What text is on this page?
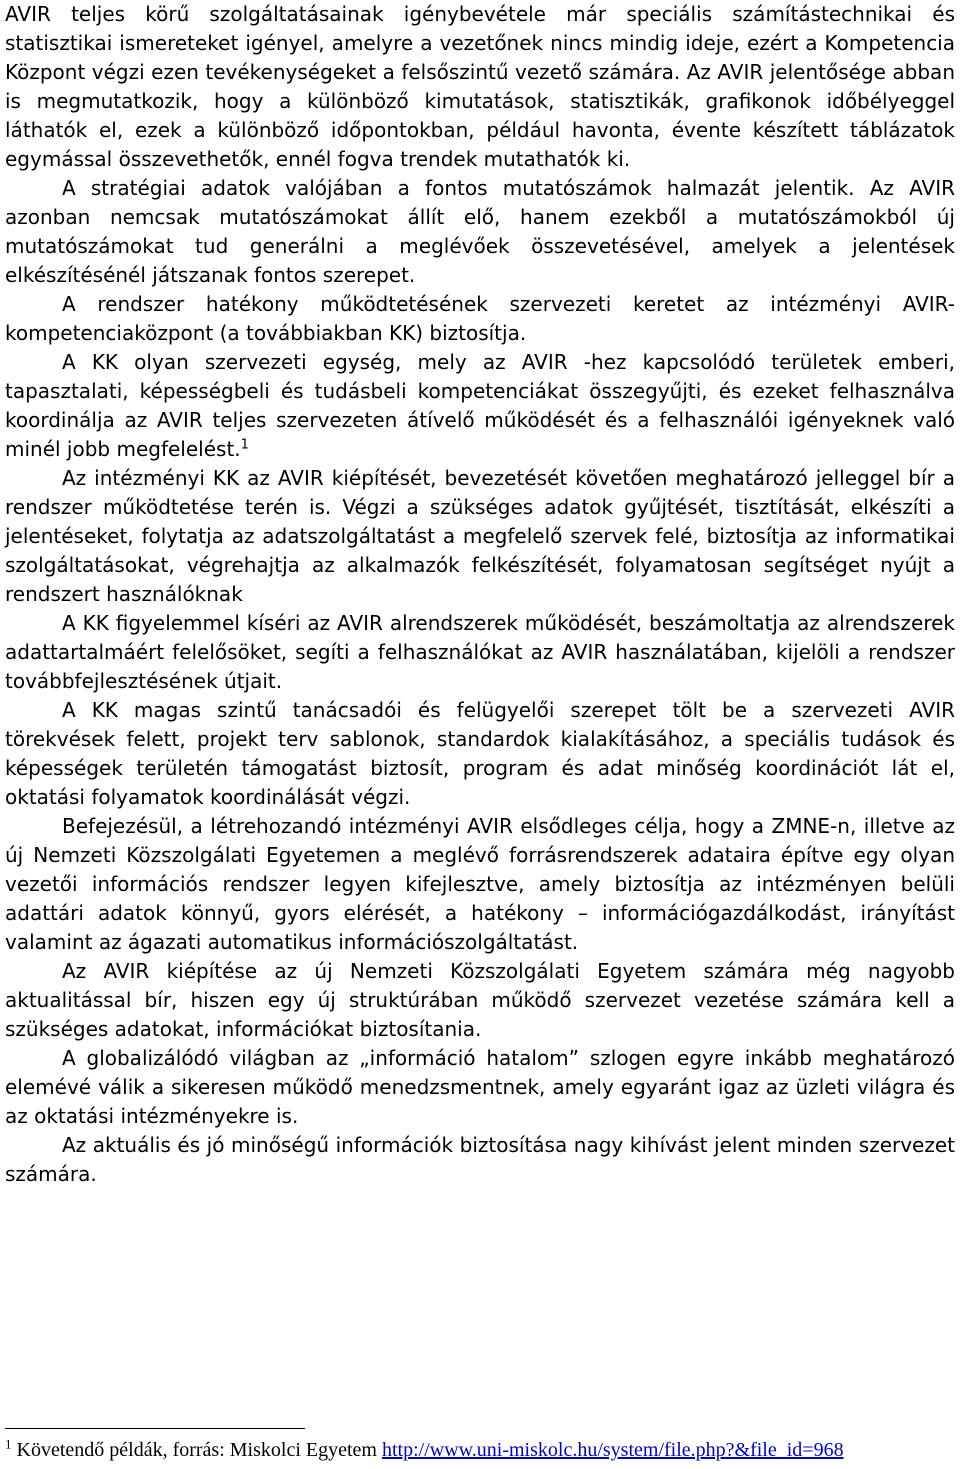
AVIR teljes körű szolgáltatásainak igénybevétele már speciális számítástechnikai és statisztikai ismereteket igényel, amelyre a vezetőnek nincs mindig ideje, ezért a Kompetencia Központ végzi ezen tevékenységeket a felsőszintű vezető számára. Az AVIR jelentősége abban is megmutatkozik, hogy a különböző kimutatások, statisztikák, grafikonok időbélyeggel láthatók el, ezek a különböző időpontokban, például havonta, évente készített táblázatok egymással összevethetők, ennél fogva trendek mutathatók ki.

A stratégiai adatok valójában a fontos mutatószámok halmazát jelentik. Az AVIR azonban nemcsak mutatószámokat állít elő, hanem ezekből a mutatószámokból új mutatószámokat tud generálni a meglévőek összevetésével, amelyek a jelentések elkészítésénél játszanak fontos szerepet.

A rendszer hatékony működtetésének szervezeti keretet az intézményi AVIR-kompetenciaközpont (a továbbiakban KK) biztosítja.

A KK olyan szervezeti egység, mely az AVIR -hez kapcsolódó területek emberi, tapasztalati, képességbeli és tudásbeli kompetenciákat összegyűjti, és ezeket felhasználva koordinálja az AVIR teljes szervezeten átívelő működését és a felhasználói igényeknek való minél jobb megfelelést.$^1$

Az intézményi KK az AVIR kiépítését, bevezetését követően meghatározó jelleggel bír a rendszer működtetése terén is. Végzi a szükséges adatok gyűjtését, tisztítását, elkészíti a jelentéseket, folytatja az adatszolgáltatást a megfelelő szervek felé, biztosítja az informatikai szolgáltatásokat, végrehajtja az alkalmazók felkészítését, folyamatosan segítséget nyújt a rendszert használóknak

A KK figyelemmel kíséri az AVIR alrendszerek működését, beszámoltatja az alrendszerek adattartalmáért felelősöket, segíti a felhasználókat az AVIR használatában, kijelöli a rendszer továbbfejlesztésének útjait.

A KK magas szintű tanácsadói és felügyelői szerepet tölt be a szervezeti AVIR törekvések felett, projekt terv sablonok, standardok kialakításához, a speciális tudások és képességek területén támogatást biztosít, program és adat minőség koordinációt lát el, oktatási folyamatok koordinálását végzi.

Befejezésül, a létrehozandó intézményi AVIR elsődleges célja, hogy a ZMNE-n, illetve az új Nemzeti Közszolgálati Egyetemen a meglévő forrásrendszerek adataira építve egy olyan vezetői információs rendszer legyen kifejlesztve, amely biztosítja az intézményen belüli adattári adatok könnyű, gyors elérését, a hatékony – információgazdálkodást, irányítást valamint az ágazati automatikus információszolgáltatást.

Az AVIR kiépítése az új Nemzeti Közszolgálati Egyetem számára még nagyobb aktualitással bír, hiszen egy új struktúrában működő szervezet vezetése számára kell a szükséges adatokat, információkat biztosítania.

A globalizálódó világban az „információ hatalom” szlogen egyre inkább meghatározó elemévé válik a sikeresen működő menedzsmentnek, amely egyaránt igaz az üzleti világra és az oktatási intézményekre is.

Az aktuális és jó minőségű információk biztosítása nagy kihívást jelent minden szervezet számára.

$^1$ Követendő példák, forrás: Miskolci Egyetem http://www.uni-miskolc.hu/system/file.php?&file_id=968
